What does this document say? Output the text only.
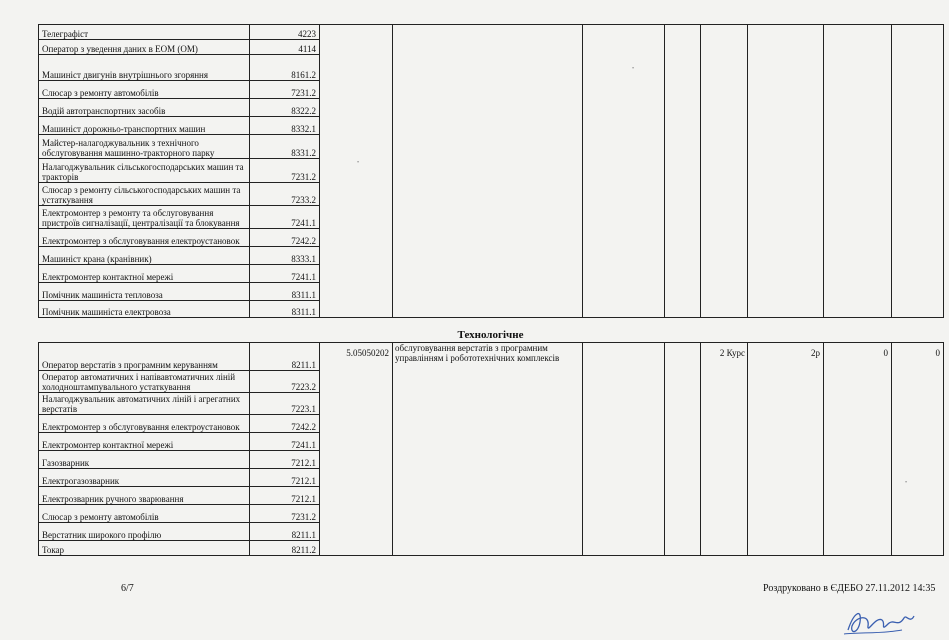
Телеграфіст	4223								
Оператор з уведення даних в ЕОМ (ОМ)	4114								
Машиніст двигунів внутрішнього згоряння	8161.2								
Слюсар з ремонту автомобілів	7231.2								
Водій автотранспортних засобів	8322.2								
Машиніст дорожньо-транспортних машин	8332.1								
Майстер-налагоджувальник з технічного обслуговування машинно-тракторного парку	8331.2								
Налагоджувальник сільськогосподарських машин та тракторів	7231.2								
Слюсар з ремонту сільськогосподарських машин та устаткування	7233.2								
Електромонтер з ремонту та обслуговування пристроїв сигналізації, централізації та блокування	7241.1								
Електромонтер з обслуговування електроустановок	7242.2								
Машиніст крана (кранівник)	8333.1								
Електромонтер контактної мережі	7241.1								
Помічник машиніста тепловоза	8311.1								
Помічник машиніста електровоза	8311.1								
Технологічне
Оператор верстатів з програмним керуванням	8211.1	5.05050202	обслуговування верстатів з програмним управлінням і робототехнічних комплексів			2 Курс	2р	0	0
Оператор автоматичних і напівавтоматичних ліній холодноштампувального устаткування	7223.2								
Налагоджувальник автоматичних ліній і агрегатних верстатів	7223.1								
Електромонтер з обслуговування електроустановок	7242.2								
Електромонтер контактної мережі	7241.1								
Газозварник	7212.1								
Електрогазозварник	7212.1								
Електрозварник ручного зварювання	7212.1								
Слюсар з ремонту автомобілів	7231.2								
Верстатник широкого профілю	8211.1								
Токар	8211.2								
6/7	Роздруковано в ЄДЕБО 27.11.2012 14:35
•
•
•
